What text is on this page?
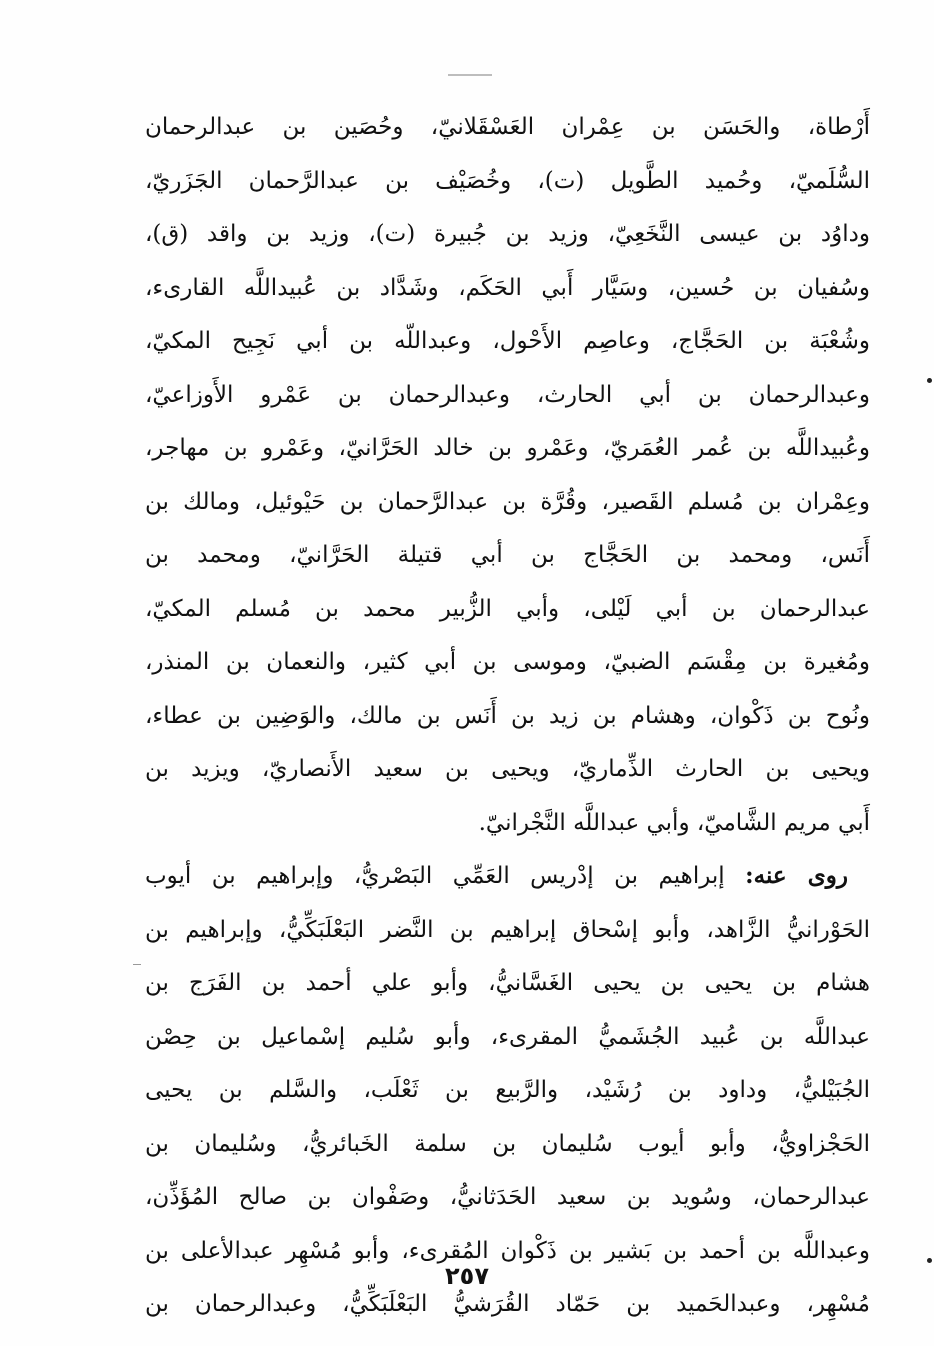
أَرْطاة، والحَسَن بن عِمْران العَسْقَلانيّ، وحُصَين بن عبدالرحمان
السُّلَميّ، وحُميد الطَّويل (ت)، وخُصَيْف بن عبدالرَّحمان الجَزَريّ،
وداوُد بن عيسى النَّخَعِيّ، وزيد بن جُبيرة (ت)، وزيد بن واقد (ق)،
وسُفيان بن حُسين، وسَيَّار أَبي الحَكَم، وشَدَّاد بن عُبيداللَّه القارىء،
وشُعْبَة بن الحَجَّاج، وعاصِم الأَحْول، وعبداللّه بن أبي نَجِيح المكيّ،
وعبدالرحمان بن أبي الحارث، وعبدالرحمان بن عَمْرو الأَوزاعيّ،
وعُبيداللَّه بن عُمر العُمَريّ، وعَمْرو بن خالد الحَرَّانيّ، وعَمْرو بن مهاجر،
وعِمْران بن مُسلم القَصير، وقُرَّة بن عبدالرَّحمان بن حَيْوئيل، ومالك بن
أَنَس، ومحمد بن الحَجَّاج بن أبي قتيلة الحَرَّانيّ، ومحمد بن
عبدالرحمان بن أبي لَيْلى، وأبي الزُّبير محمد بن مُسلم المكيّ،
ومُغيرة بن مِقْسَم الضبيّ، وموسى بن أبي كثير، والنعمان بن المنذر،
ونُوح بن ذَكْوان، وهشام بن زيد بن أَنَس بن مالك، والوَضِين بن عطاء،
ويحيى بن الحارث الذِّماريّ، ويحيى بن سعيد الأَنصاريّ، ويزيد بن
أَبي مريم الشَّاميّ، وأبي عبداللَّه النَّجْرانيّ.
روى عنه: إبراهيم بن إدْريس العَمِّي البَصْريُّ، وإبراهيم بن أيوب
الحَوْرانيُّ الزَّاهد، وأبو إسْحاق إبراهيم بن النَّضر البَعْلَبَكِّيُّ، وإبراهيم بن
هشام بن يحيى بن يحيى الغَسَّانيُّ، وأبو علي أحمد بن الفَرَج بن
عبداللَّه بن عُبيد الجُشَميُّ المقرىء، وأبو سُليم إسْماعيل بن حِصْن
الجُبَيْليُّ، وداود بن رُشَيْد، والرَّبيع بن ثَعْلَب، والسَّلم بن يحيى
الحَجْزاويُّ، وأبو أيوب سُليمان بن سلمة الخَبائريُّ، وسُليمان بن
عبدالرحمان، وسُويد بن سعيد الحَدَثانيُّ، وصَفْوان بن صالح المُؤَذِّن،
وعبداللَّه بن أحمد بن بَشير بن ذَكْوان المُقرىء، وأبو مُسْهِر عبدالأعلى بن
مُسْهِر، وعبدالحَميد بن حَمّاد القُرَشيُّ البَعْلَبَكِّيُّ، وعبدالرحمان بن
٢٥٧
